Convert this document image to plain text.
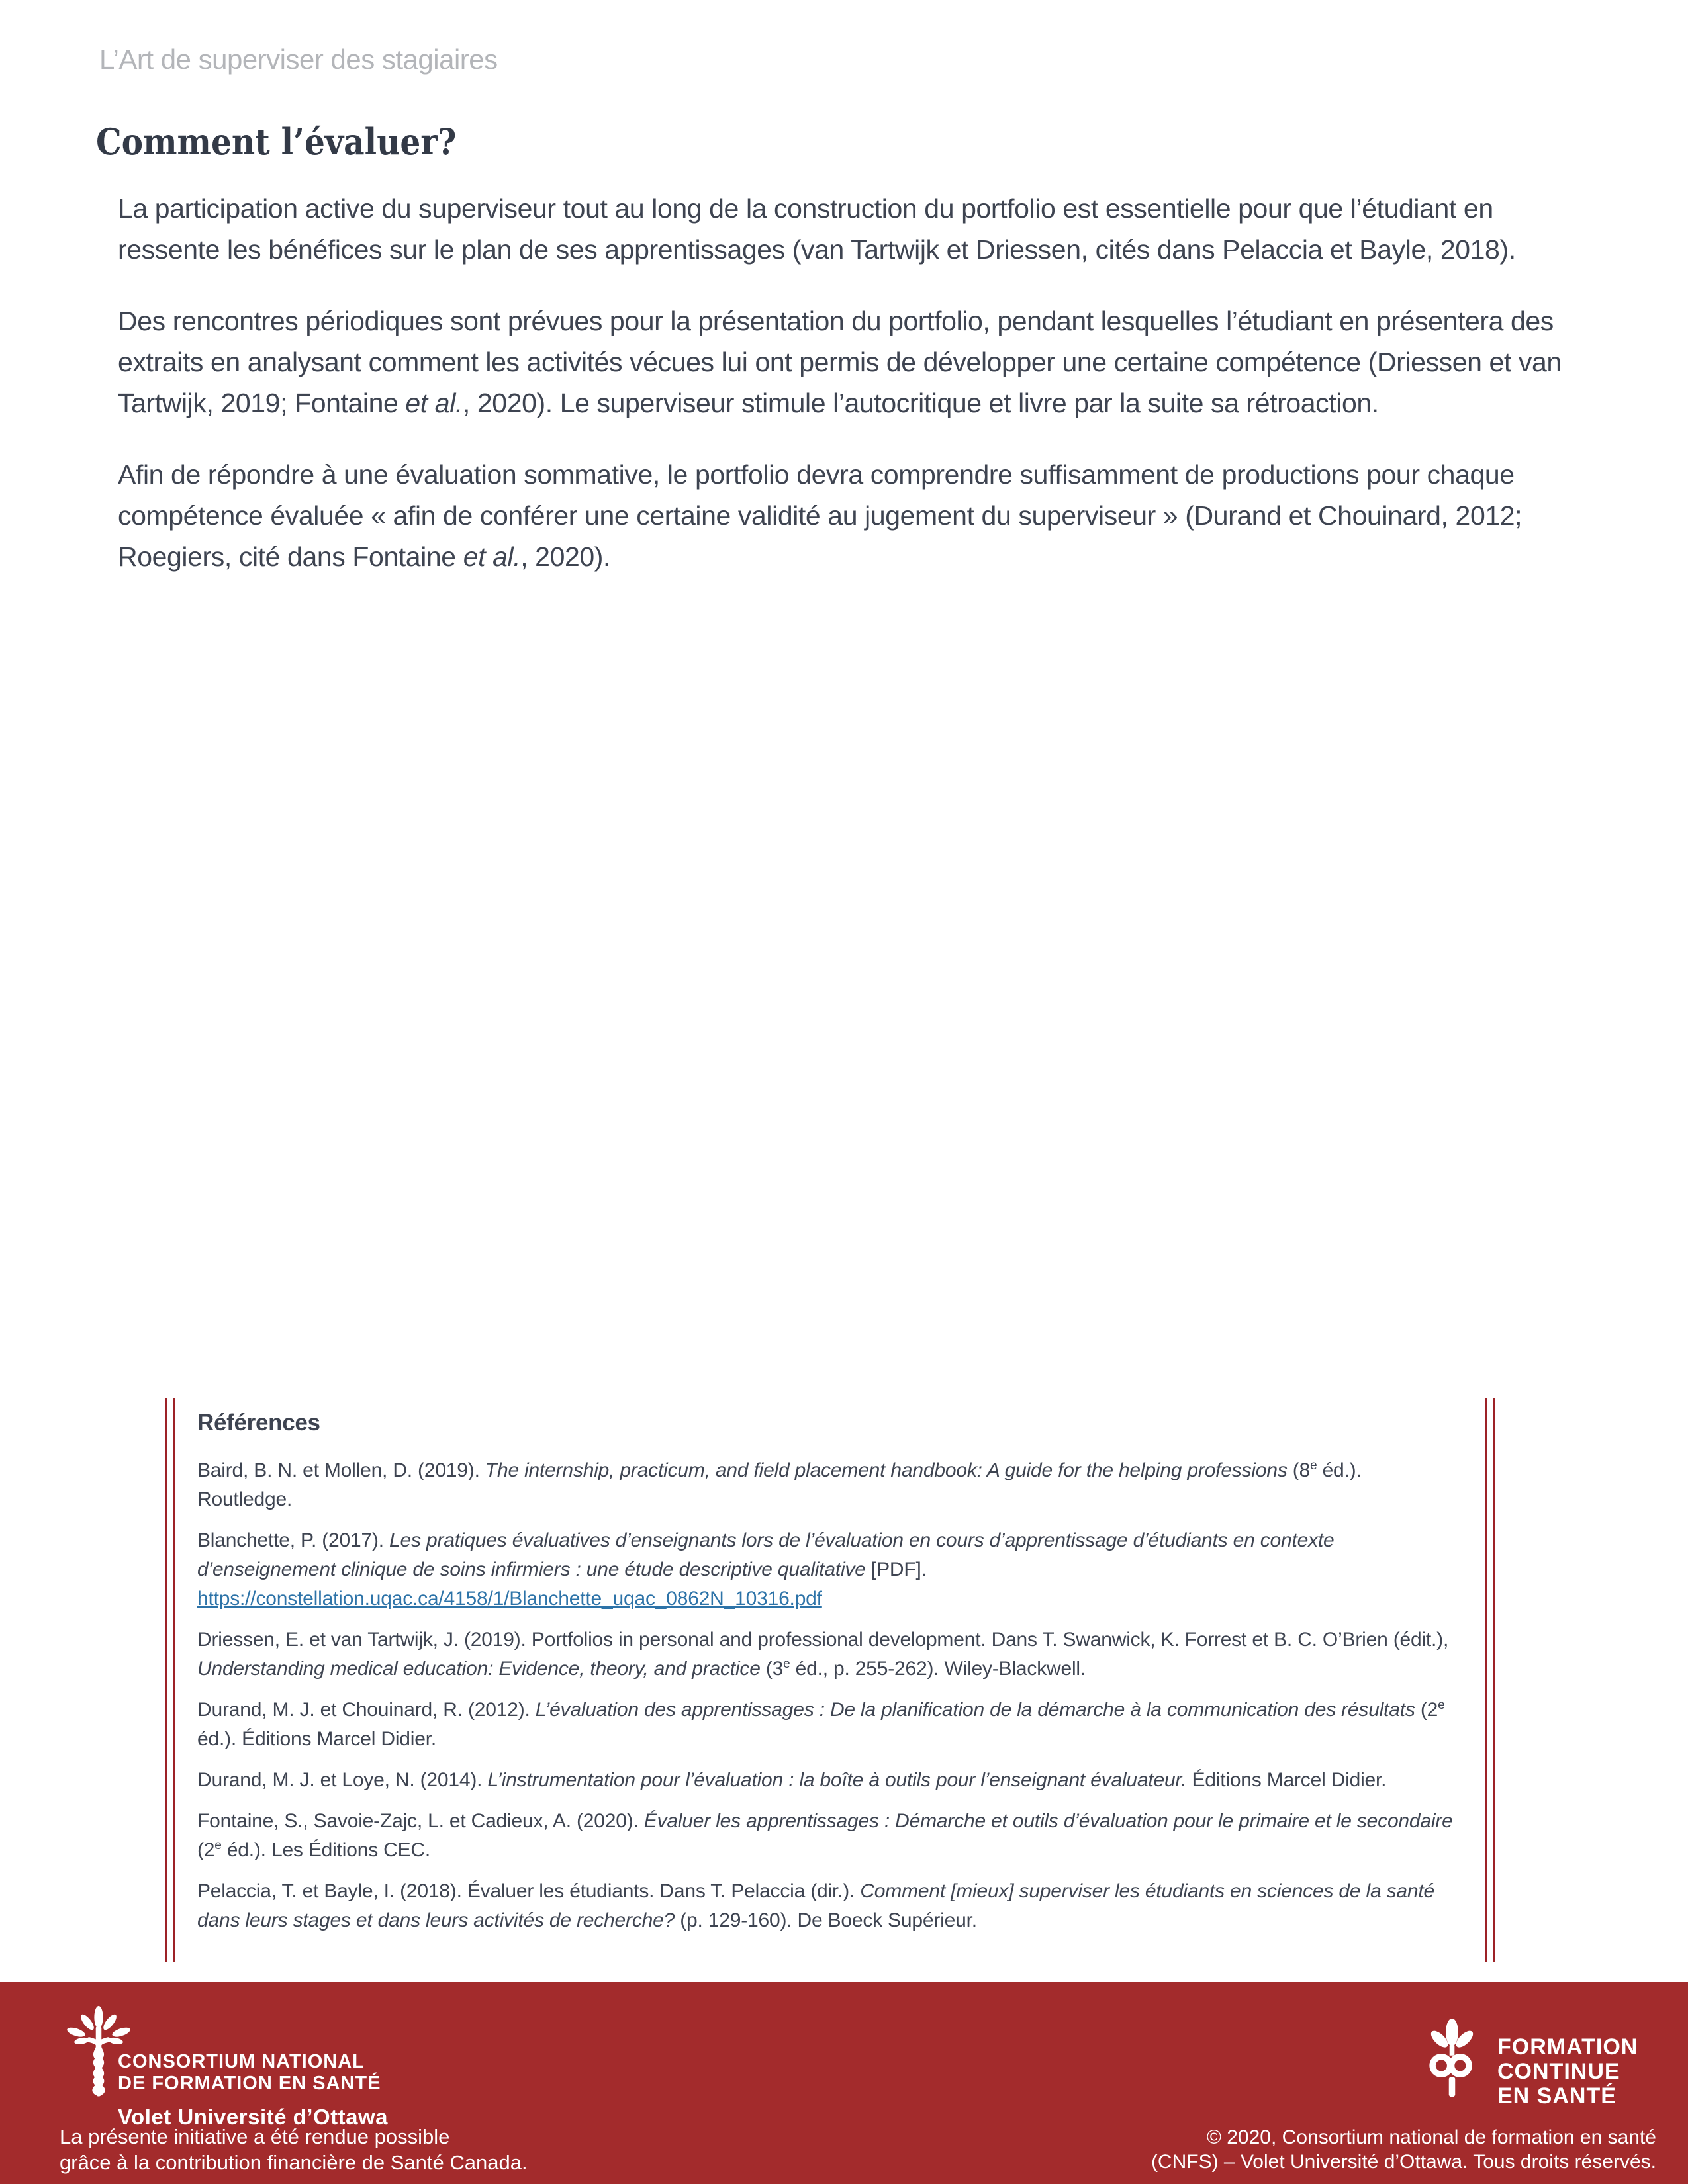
L’Art de superviser des stagiaires
Comment l’évaluer?

La participation active du superviseur tout au long de la construction du portfolio est essentielle pour que l’étudiant en ressente les bénéfices sur le plan de ses apprentissages (van Tartwijk et Driessen, cités dans Pelaccia et Bayle, 2018).

Des rencontres périodiques sont prévues pour la présentation du portfolio, pendant lesquelles l’étudiant en présentera des extraits en analysant comment les activités vécues lui ont permis de développer une certaine compétence (Driessen et van Tartwijk, 2019; Fontaine et al., 2020). Le superviseur stimule l’autocritique et livre par la suite sa rétroaction.

Afin de répondre à une évaluation sommative, le portfolio devra comprendre suffisamment de productions pour chaque compétence évaluée « afin de conférer une certaine validité au jugement du superviseur » (Durand et Chouinard, 2012; Roegiers, cité dans Fontaine et al., 2020).

Références

Baird, B. N. et Mollen, D. (2019). The internship, practicum, and field placement handbook: A guide for the helping professions (8e éd.). Routledge.

Blanchette, P. (2017). Les pratiques évaluatives d’enseignants lors de l’évaluation en cours d’apprentissage d’étudiants en contexte d’enseignement clinique de soins infirmiers : une étude descriptive qualitative [PDF]. https://constellation.uqac.ca/4158/1/Blanchette_uqac_0862N_10316.pdf

Driessen, E. et van Tartwijk, J. (2019). Portfolios in personal and professional development. Dans T. Swanwick, K. Forrest et B. C. O’Brien (édit.), Understanding medical education: Evidence, theory, and practice (3e éd., p. 255-262). Wiley-Blackwell.

Durand, M. J. et Chouinard, R. (2012). L’évaluation des apprentissages : De la planification de la démarche à la communication des résultats (2e éd.). Éditions Marcel Didier.

Durand, M. J. et Loye, N. (2014). L’instrumentation pour l’évaluation : la boîte à outils pour l’enseignant évaluateur. Éditions Marcel Didier.

Fontaine, S., Savoie-Zajc, L. et Cadieux, A. (2020). Évaluer les apprentissages : Démarche et outils d’évaluation pour le primaire et le secondaire (2e éd.). Les Éditions CEC.

Pelaccia, T. et Bayle, I. (2018). Évaluer les étudiants. Dans T. Pelaccia (dir.). Comment [mieux] superviser les étudiants en sciences de la santé dans leurs stages et dans leurs activités de recherche? (p. 129-160). De Boeck Supérieur.

CONSORTIUM NATIONAL
DE FORMATION EN SANTÉ
Volet Université d’Ottawa
La présente initiative a été rendue possible
grâce à la contribution financière de Santé Canada.
FORMATION
CONTINUE
EN SANTÉ
© 2020, Consortium national de formation en santé
(CNFS) – Volet Université d’Ottawa. Tous droits réservés.
